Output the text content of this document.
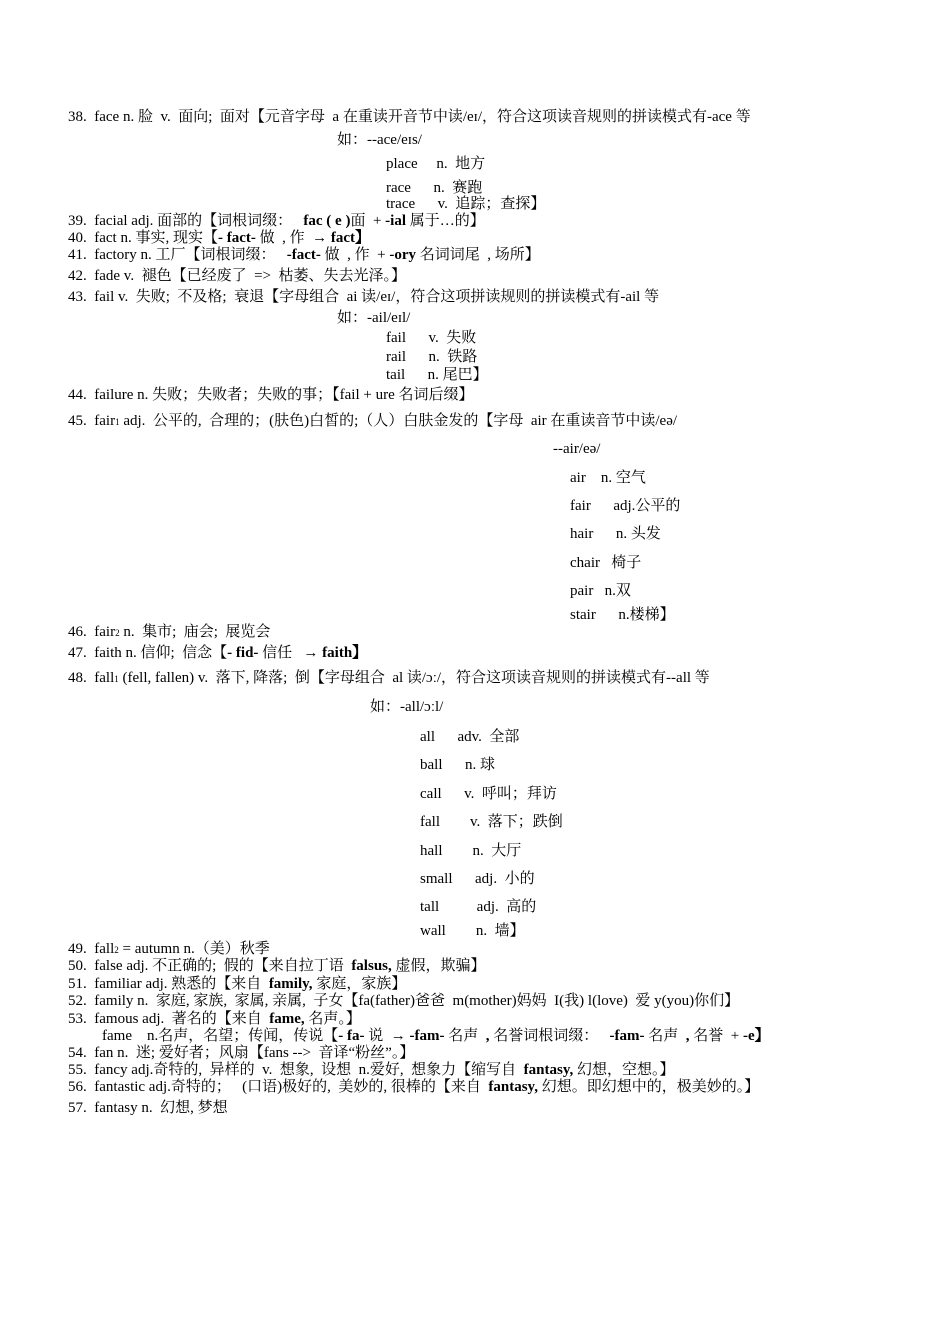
38.  face n. 脸  v.  面向;  面对【元音字母  a 在重读开音节中读/eɪ/，符合这项读音规则的拼读模式有-ace 等
如：--ace/eɪs/
place     n.  地方
race      n.  赛跑
trace      v.  追踪；查探】
39.  facial adj. 面部的【词根词缀：   fac ( e )面  + -ial 属于…的】
40.  fact n. 事实, 现实【- fact- 做  , 作  → fact】
41.  factory n. 工厂【词根词缀：   -fact- 做  , 作  + -ory 名词词尾  , 场所】
42.  fade v.  褪色【已经废了  =>  枯萎、失去光泽。】
43.  fail v.  失败;  不及格;  衰退【字母组合  ai 读/eɪ/，符合这项拼读规则的拼读模式有-ail 等
如：-ail/eɪl/
fail      v.  失败
rail      n.  铁路
tail      n. 尾巴】
44.  failure n. 失败；失败者；失败的事；【fail + ure 名词后缀】
45.  fair1 adj.  公平的,  合理的；(肤色)白皙的;（人）白肤金发的【字母  air 在重读音节中读/eə/
--air/eə/
air    n. 空气
fair      adj.公平的
hair      n. 头发
chair   椅子
pair   n.双
stair      n.楼梯】
46.  fair2 n.  集市;  庙会;  展览会
47.  faith n. 信仰;  信念【- fid- 信任   → faith】
48.  fall1 (fell, fallen) v.  落下, 降落;  倒【字母组合  al 读/ɔː/，符合这项读音规则的拼读模式有--all 等
如：-all/ɔːl/
all      adv.  全部
ball      n. 球
call      v.  呼叫；拜访
fall        v.  落下；跌倒
hall        n.  大厅
small      adj.  小的
tall          adj.  高的
wall        n.  墙】
49.  fall2 = autumn n.（美）秋季
50.  false adj. 不正确的;  假的【来自拉丁语  falsus, 虚假，欺骗】
51.  familiar adj. 熟悉的【来自  family, 家庭，家族】
52.  family n.  家庭, 家族,  家属, 亲属,  子女【fa(father)爸爸  m(mother)妈妈  I(我) l(love)  爱 y(you)你们】
53.  famous adj.  著名的【来自  fame, 名声。】
fame    n.名声，名望；传闻，传说【- fa- 说  → -fam- 名声  , 名誉词根词缀：   -fam- 名声  , 名誉  + -e】
54.  fan n.  迷; 爱好者；风扇【fans -->  音译“粉丝”。】
55.  fancy adj.奇特的,  异样的  v.  想象,  设想  n.爱好,  想象力【缩写自  fantasy, 幻想，空想。】
56.  fantastic adj.奇特的；   (口语)极好的,  美妙的, 很棒的【来自  fantasy, 幻想。即幻想中的，极美妙的。】
57.  fantasy n.  幻想, 梦想
